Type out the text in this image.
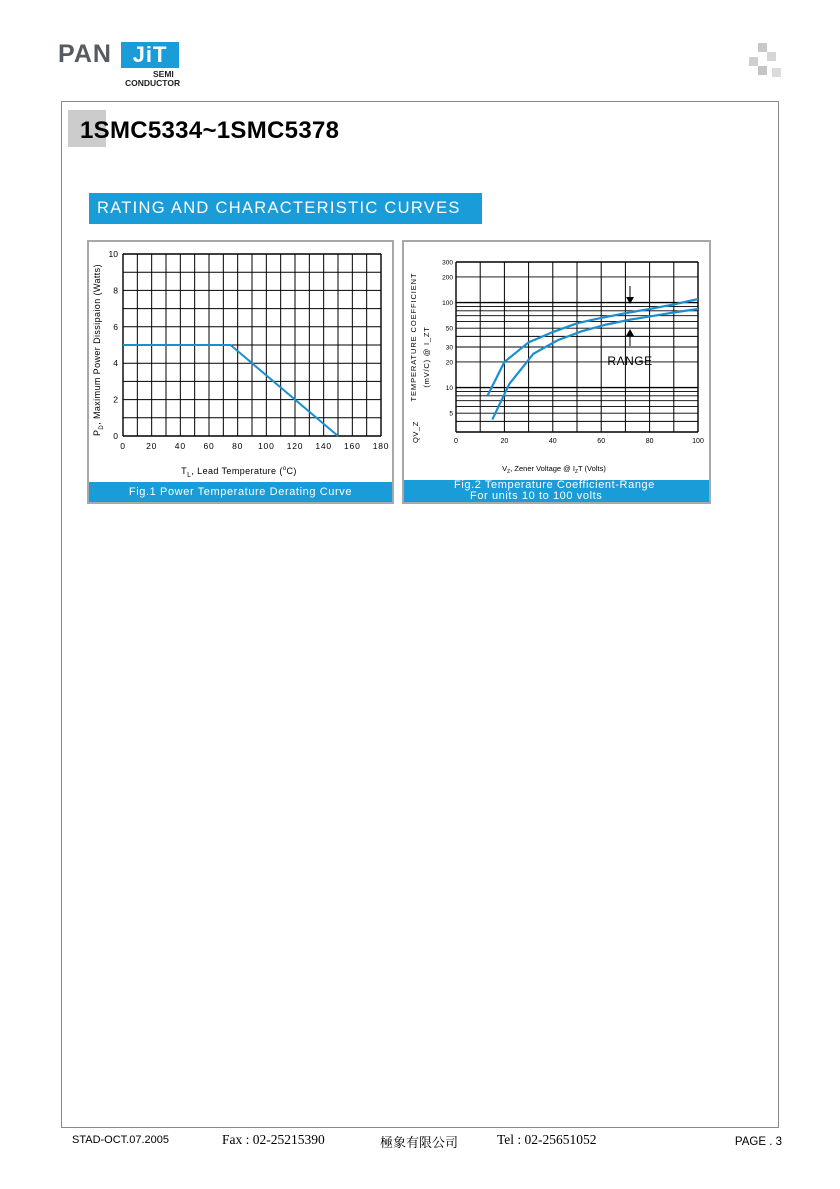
PAN JiT
SEMI
CONDUCTOR
1SMC5334~1SMC5378
RATING AND CHARACTERISTIC CURVES
0 20 40 60 80 100 120 140 160 180
0
2
4
6
8
10
$T_L$, Lead Temperature ($^o$C)
$P_D$, Maximum Power Dissipaion (Watts)
Fig.1 Power Temperature Derating Curve
0	20	40	60	80	100
5
10
20
30
50
100
200
300
RANGE
$V_Z$, Zener Voltage @ $I_ZT$ (Volts)
TEMPERATURE COEFFICIENT (mV/C) @ I_ZT
QV_Z
Fig.2 Temperature Coefficient-Range
For units 10 to 100 volts
STAD-OCT.07.2005	Fax : 02-25215390	極象有限公司	Tel : 02-25651052	PAGE . 3
